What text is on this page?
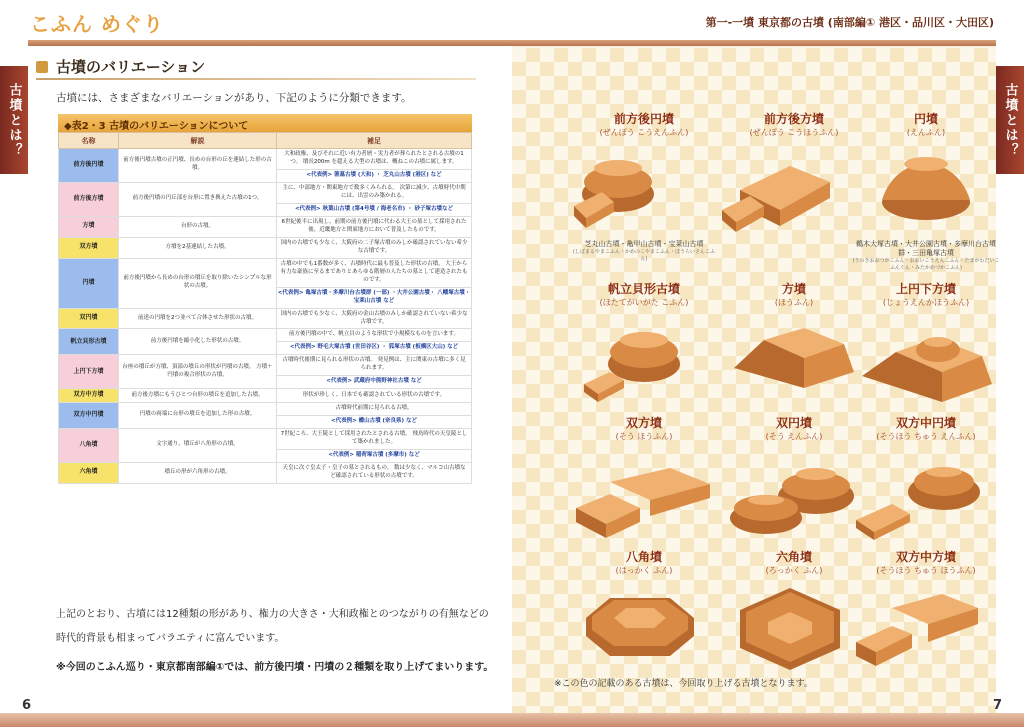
こふん めぐり
古墳とは？
古墳のバリエーション
古墳には、さまざまなバリエーションがあり、下記のように分類できます。
◆表2・3 古墳のバリエーションについて
名称	解説	補足
前方後円墳	前方後円墳古墳の正円墳、長めの台形の丘を連結した形の古墳。	大和政権、及びそれに近い有力者層・実力者が葬られたとされる古墳の1つ。 墳長200m を超える大型の古墳は、概ねこの古墳に属します。
<代表例> 箸墓古墳 (大和) ・ 芝丸山古墳 (港区) など

前方後方墳	前方後円墳の円丘部を台形に置き換えた古墳の1つ。	主に、中部地方・関東地方で数多くみられる。 次第に減少、古墳時代中期には、出雲のみ築かれる。
<代表例> 秋葉山古墳 (第4号墳 / 海老名市) ・ 砂子塚古墳など

方墳	台形の古墳。	6世紀後半に出現し、前期の前方後円墳に代わる大王の墓として採用された後、近畿地方と関東地方において普及したものです。
双方墳	方墳を2基連結した古墳。	国内の古墳でも少なく、大阪府の二子塚古墳のみしか確認されていない希少な古墳です。
円墳	前方後円墳から長めの台形の墳丘を取り除いたシンプルな形状の古墳。	古墳の中でも1番数が多く、古墳時代に最も普及した形状の古墳。 大王から有力な豪族に至るまでありとあらゆる階層の人たちの墓として建造されたものです。
<代表例> 亀塚古墳・多摩川台古墳群 (一部) ・大井公園古墳・ 八幡塚古墳・宝莱山古墳 など

双円墳	前述の円墳を2つ並べて合体させた形状の古墳。	国内の古墳でも少なく、大阪府の金山古墳のみしか確認されていない希少な古墳です。
帆立貝形古墳	前方後円墳を縮小化した形状の古墳。	前方後円墳の中で、帆立貝のような形状で小規模なものを言います。
<代表例> 野毛大塚古墳 (世田谷区) ・ 狐塚古墳 (板橋区大山) など

上円下方墳	台座の墳丘が方墳、頂部の墳丘の形状が円墳の古墳。 方墳＋円墳の複合形状の古墳。	古墳時代後期に見られる形状の古墳。 発見例は、主に関東の古墳に多く見られます。
<代表例> 武蔵府中熊野神社古墳 など

双方中方墳	前方後方墳にもうひとつ台形の墳丘を追加した古墳。	形状が珍しく、日本でも確認されている形状の古墳です。
双方中円墳	円墳の両端に台形の墳丘を追加した形の古墳。	古墳時代前期に見られる古墳。
<代表例> 櫛山古墳 (奈良県) など

八角墳	文字通り、墳丘が八角形の古墳。	7世紀ころ、大王陵として採用されたとされる古墳。 飛鳥時代の天皇陵として築かれました。
<代表例> 稲荷塚古墳 (多摩市) など

六角墳	墳丘の形が六角形の古墳。	天皇に次ぐ皇太子・皇子の墓とされるもの。 数は少なく、マルコ山古墳など確認されている形状の古墳です。
上記のとおり、古墳には12種類の形があり、権力の大きさ・大和政権とのつながりの有無などの
時代的背景も相まってバラエティに富んでいます。
※今回のこふん巡り・東京都南部編①では、前方後円墳・円墳の２種類を取り上げてまいります。
6
第一-一墳 東京都の古墳 (南部編① 港区・品川区・大田区)
古墳とは？
前方後円墳
(ぜんぽう こうえんふん)
芝丸山古墳・亀甲山古墳・宝莱山古墳
(しばまるやまこふん・かめのこやまこふん・ほうらいさんこふん)
前方後方墳
(ぜんぽう こうほうふん)
円墳
(えんふん)
鵜木大塚古墳・大井公園古墳・多摩川台古墳群・三田亀塚古墳
(うのきおおつかこふん・おおいこうえんこふん・たまがわだいこふんぐん・みたかめづかこふん)
帆立貝形古墳
(ほたてがいがた こふん)
方墳
(ほうふん)
上円下方墳
(じょうえんかほうふん)
双方墳
(そう ほうふん)
双円墳
(そう えんふん)
双方中円墳
(そうほう ちゅう えんふん)
八角墳
(はっかく ふん)
六角墳
(ろっかく ふん)
双方中方墳
(そうほう ちゅう ほうふん)
※この色の記載のある古墳は、今回取り上げる古墳となります。
7
